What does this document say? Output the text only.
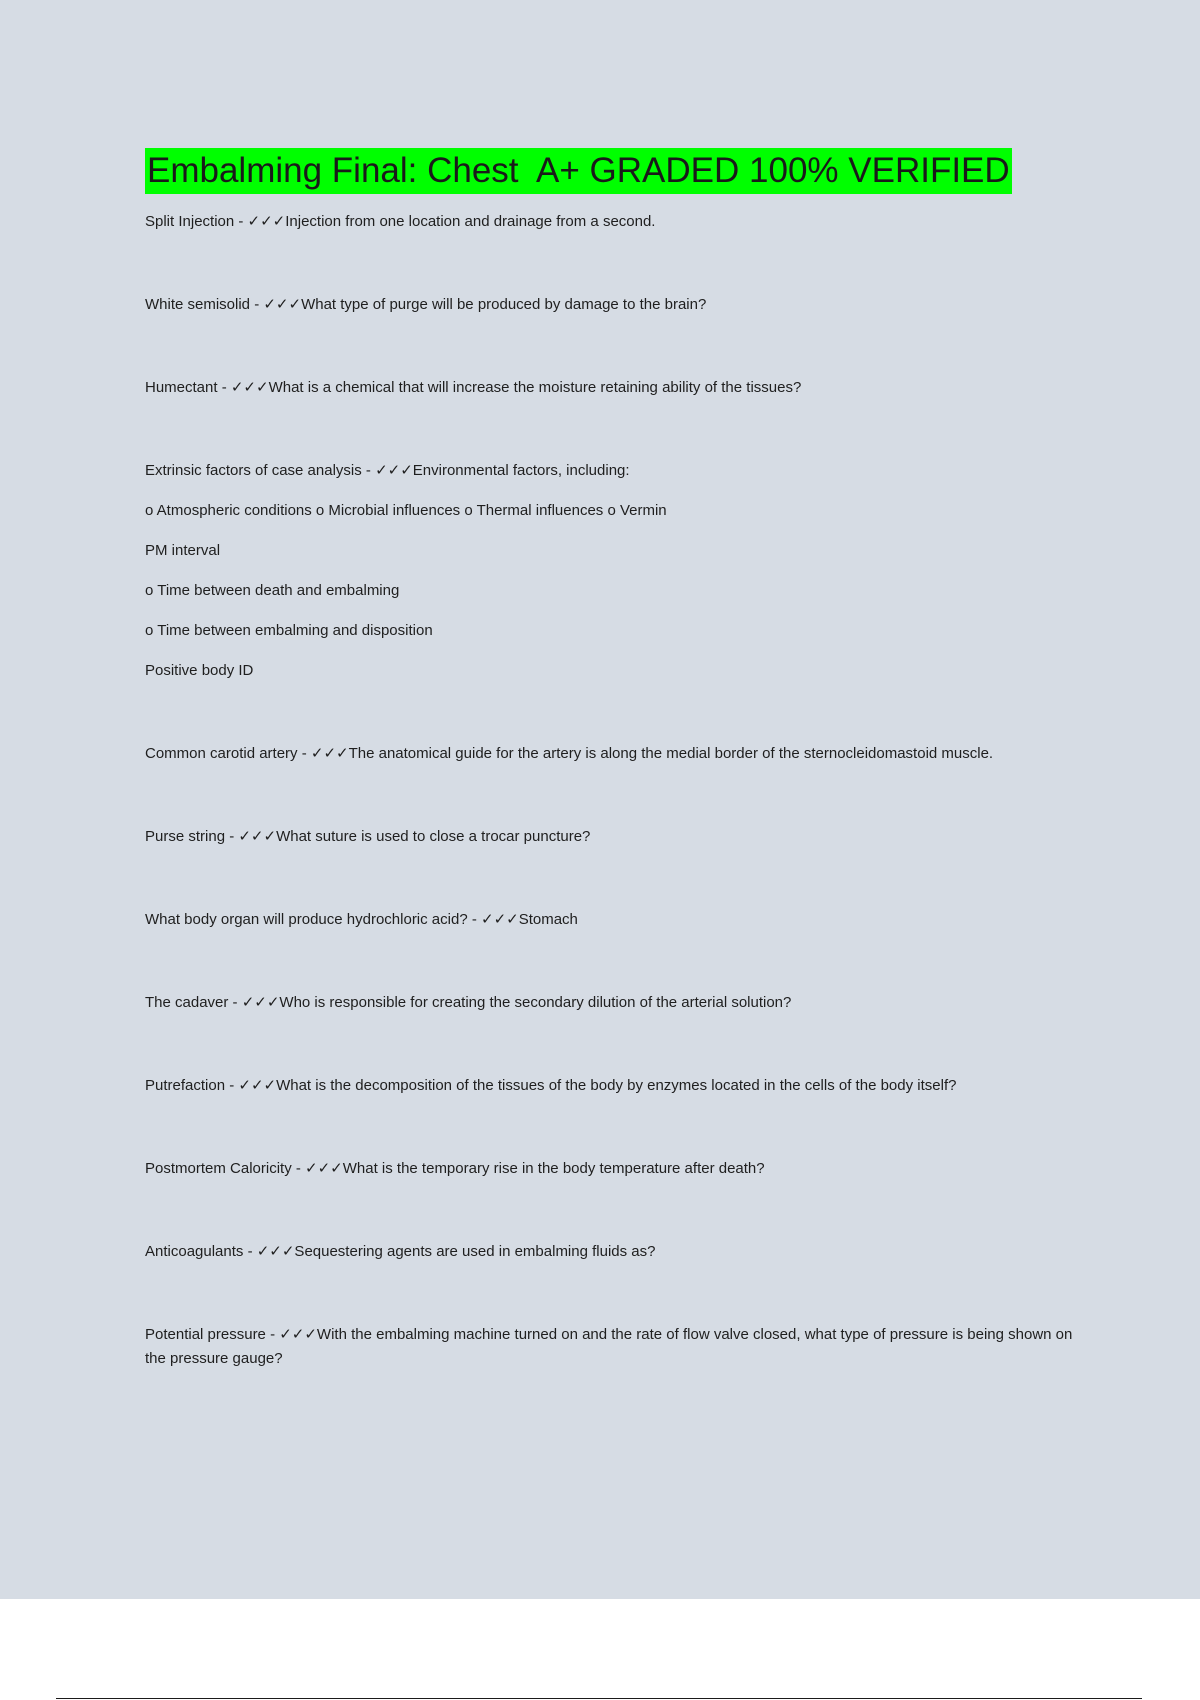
Embalming Final: Chest  A+ GRADED 100% VERIFIED

Split Injection - ✓✓✓Injection from one location and drainage from a second.

White semisolid - ✓✓✓What type of purge will be produced by damage to the brain?

Humectant - ✓✓✓What is a chemical that will increase the moisture retaining ability of the tissues?

Extrinsic factors of case analysis - ✓✓✓Environmental factors, including:

o Atmospheric conditions o Microbial influences o Thermal influences o Vermin

PM interval

o Time between death and embalming

o Time between embalming and disposition

Positive body ID

Common carotid artery - ✓✓✓The anatomical guide for the artery is along the medial border of the sternocleidomastoid muscle.

Purse string - ✓✓✓What suture is used to close a trocar puncture?

What body organ will produce hydrochloric acid? - ✓✓✓Stomach

The cadaver - ✓✓✓Who is responsible for creating the secondary dilution of the arterial solution?

Putrefaction - ✓✓✓What is the decomposition of the tissues of the body by enzymes located in the cells of the body itself?

Postmortem Caloricity - ✓✓✓What is the temporary rise in the body temperature after death?

Anticoagulants - ✓✓✓Sequestering agents are used in embalming fluids as?

Potential pressure - ✓✓✓With the embalming machine turned on and the rate of flow valve closed, what type of pressure is being shown on the pressure gauge?
